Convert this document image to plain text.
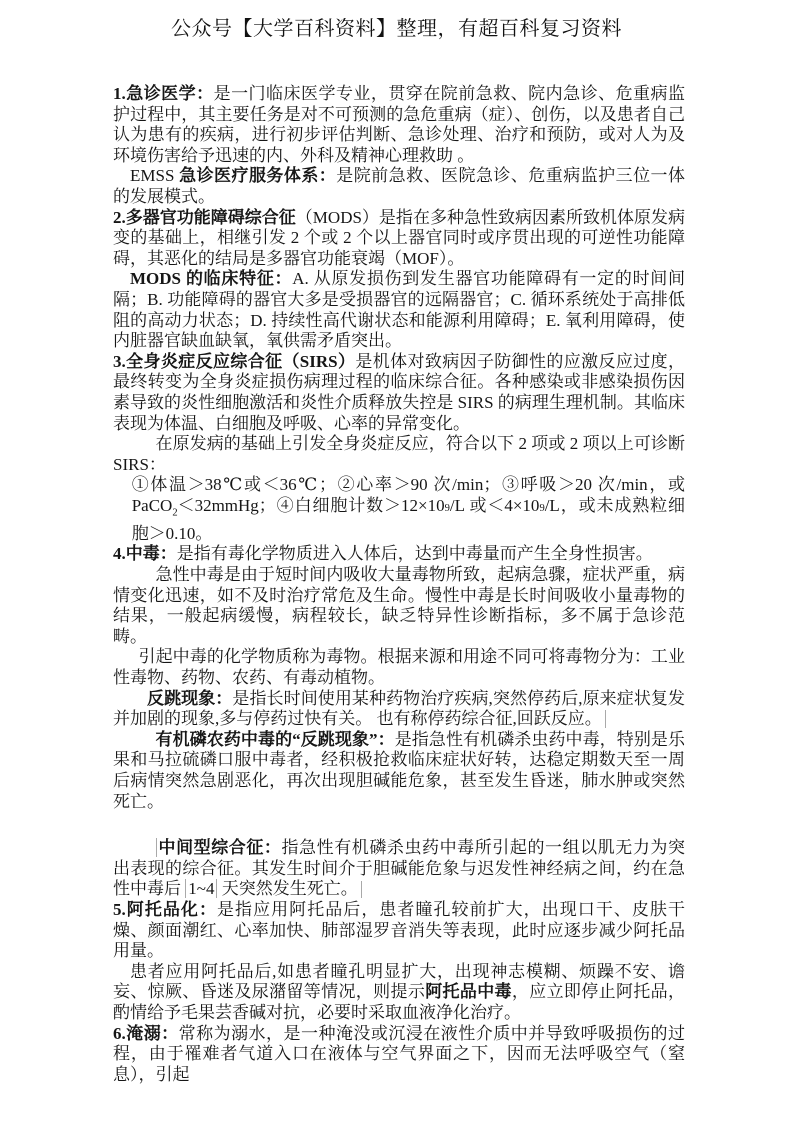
公众号【大学百科资料】整理，有超百科复习资料

1.急诊医学：是一门临床医学专业，贯穿在院前急救、院内急诊、危重病监护过程中，其主要任务是对不可预测的急危重病（症）、创伤，以及患者自己认为患有的疾病，进行初步评估判断、急诊处理、治疗和预防，或对人为及环境伤害给予迅速的内、外科及精神心理救助 。

EMSS 急诊医疗服务体系：是院前急救、医院急诊、危重病监护三位一体的发展模式。

2.多器官功能障碍综合征（MODS）是指在多种急性致病因素所致机体原发病变的基础上，相继引发 2 个或 2 个以上器官同时或序贯出现的可逆性功能障碍，其恶化的结局是多器官功能衰竭（MOF）。

MODS 的临床特征：A. 从原发损伤到发生器官功能障碍有一定的时间间隔；B. 功能障碍的器官大多是受损器官的远隔器官；C. 循环系统处于高排低阻的高动力状态；D. 持续性高代谢状态和能源利用障碍；E. 氧利用障碍，使内脏器官缺血缺氧，氧供需矛盾突出。

3.全身炎症反应综合征（SIRS）是机体对致病因子防御性的应激反应过度，最终转变为全身炎症损伤病理过程的临床综合征。各种感染或非感染损伤因素导致的炎性细胞激活和炎性介质释放失控是 SIRS 的病理生理机制。其临床表现为体温、白细胞及呼吸、心率的异常变化。

在原发病的基础上引发全身炎症反应，符合以下 2 项或 2 项以上可诊断SIRS：

①体温＞38℃或＜36℃；②心率＞90 次/min；③呼吸＞20 次/min，或 PaCO$_2$＜32mmHg；④白细胞计数＞12×109/L 或＜4×109/L，或未成熟粒细胞＞0.10。

4.中毒：是指有毒化学物质进入人体后，达到中毒量而产生全身性损害。

急性中毒是由于短时间内吸收大量毒物所致，起病急骤，症状严重，病情变化迅速，如不及时治疗常危及生命。慢性中毒是长时间吸收小量毒物的结果，一般起病缓慢，病程较长，缺乏特异性诊断指标，多不属于急诊范畴。

引起中毒的化学物质称为毒物。根据来源和用途不同可将毒物分为：工业性毒物、药物、农药、有毒动植物。

反跳现象：是指长时间使用某种药物治疗疾病,突然停药后,原来症状复发并加剧的现象,多与停药过快有关。 也有称停药综合征,回跃反应。

有机磷农药中毒的“反跳现象”：是指急性有机磷杀虫药中毒，特别是乐果和马拉硫磷口服中毒者，经积极抢救临床症状好转，达稳定期数天至一周后病情突然急剧恶化，再次出现胆碱能危象，甚至发生昏迷，肺水肿或突然死亡。

中间型综合征：指急性有机磷杀虫药中毒所引起的一组以肌无力为突出表现的综合征。其发生时间介于胆碱能危象与迟发性神经病之间，约在急性中毒后 1~4 天突然发生死亡。

5.阿托品化：是指应用阿托品后，患者瞳孔较前扩大，出现口干、皮肤干燥、颜面潮红、心率加快、肺部湿罗音消失等表现，此时应逐步减少阿托品用量。

患者应用阿托品后,如患者瞳孔明显扩大，出现神志模糊、烦躁不安、谵妄、惊厥、昏迷及尿潴留等情况，则提示阿托品中毒，应立即停止阿托品，酌情给予毛果芸香碱对抗，必要时采取血液净化治疗。

6.淹溺：常称为溺水，是一种淹没或沉浸在液性介质中并导致呼吸损伤的过程，由于罹难者气道入口在液体与空气界面之下，因而无法呼吸空气（窒息），引起
